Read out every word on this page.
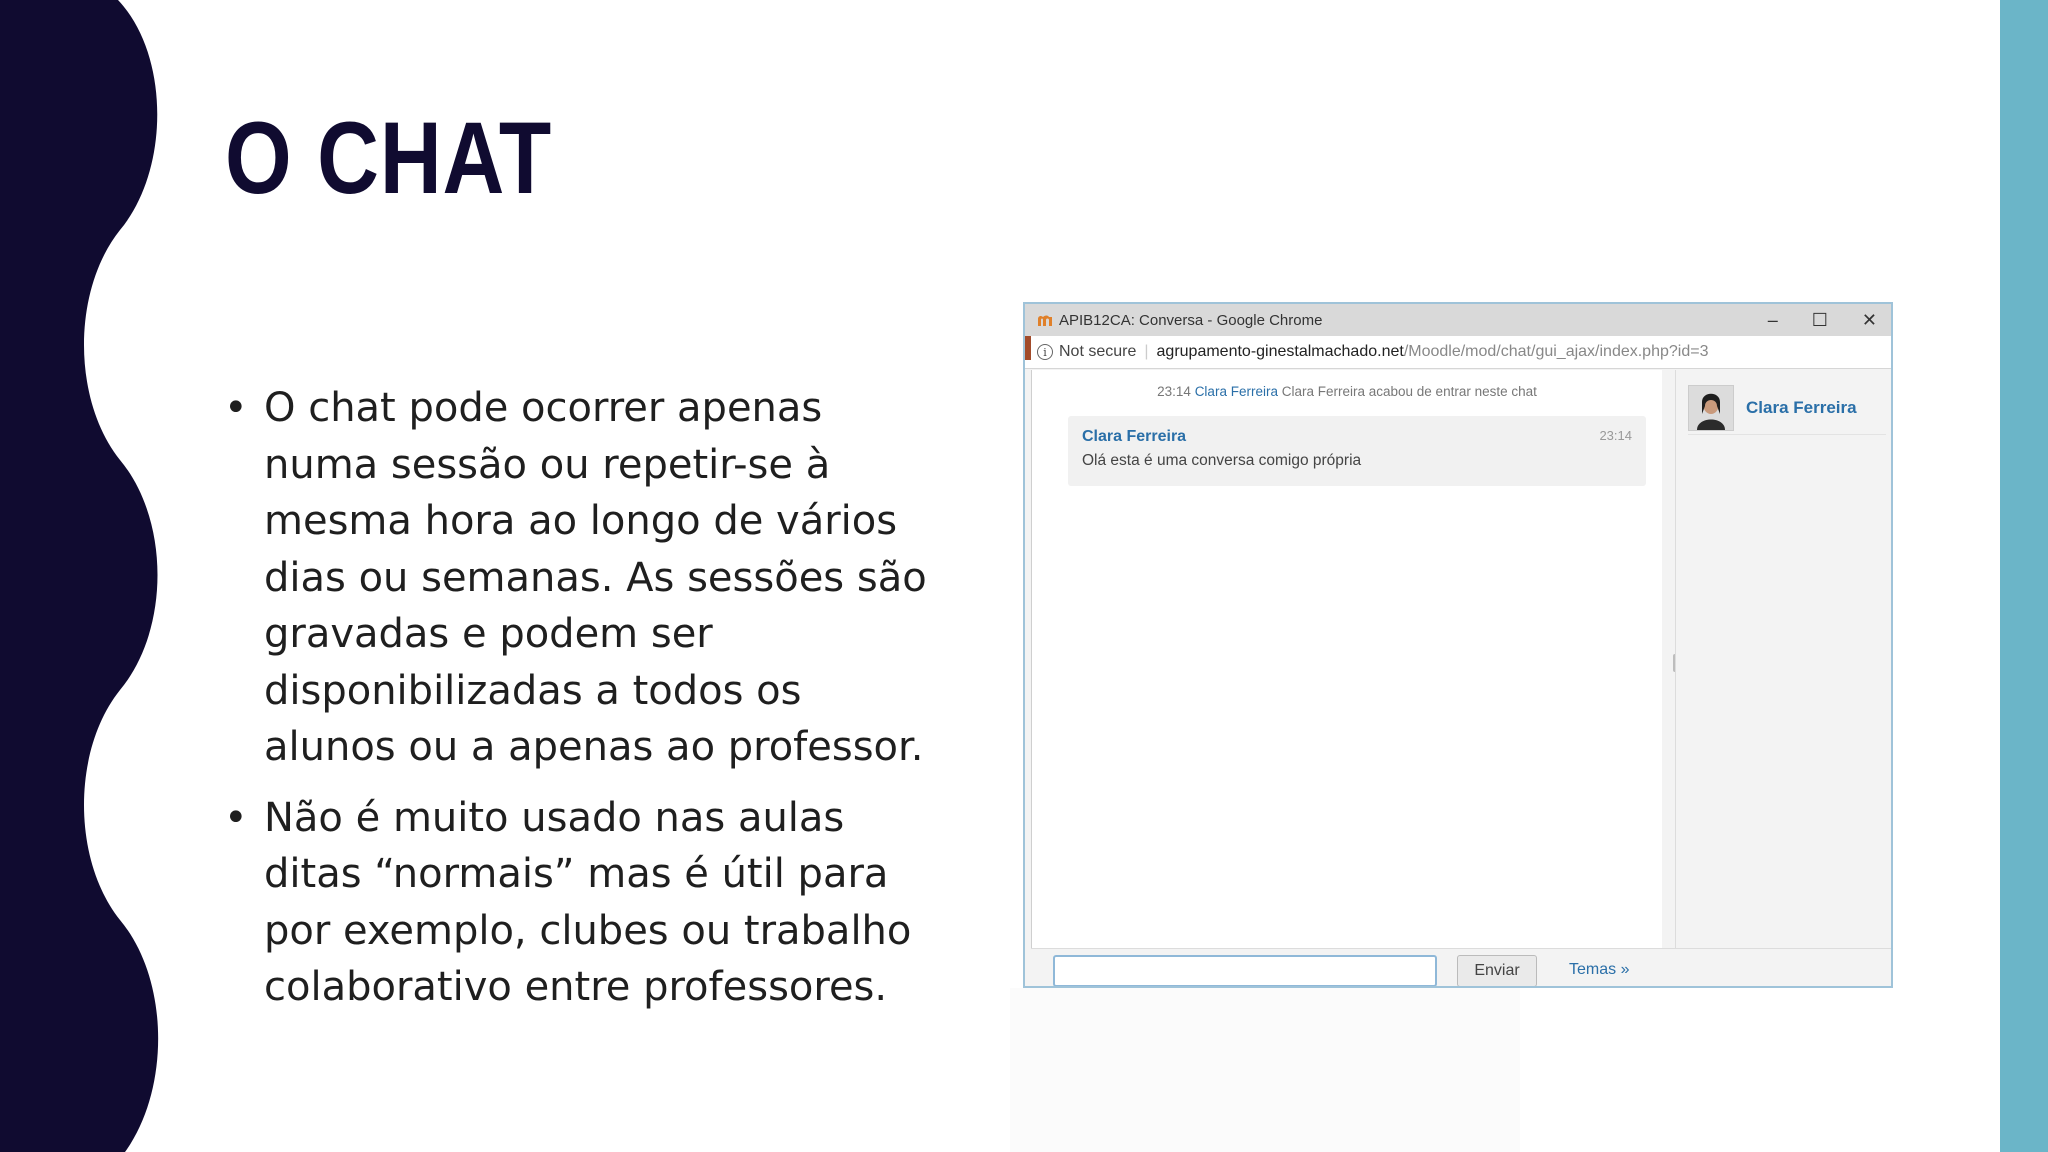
O CHAT
• O chat pode ocorrer apenas numa sessão ou repetir-se à mesma hora ao longo de vários dias ou semanas. As sessões são gravadas e podem ser disponibilizadas a todos os alunos ou a apenas ao professor.
• Não é muito usado nas aulas ditas “normais” mas é útil para por exemplo, clubes ou trabalho colaborativo entre professores.
APIB12CA: Conversa - Google Chrome	– ☐ ✕
i Not secure | agrupamento-ginestalmachado.net /Moodle/mod/chat/gui_ajax/index.php?id=3
23:14 Clara Ferreira Clara Ferreira acabou de entrar neste chat
Clara Ferreira	23:14
Olá esta é uma conversa comigo própria
Clara Ferreira
Enviar	Temas »
